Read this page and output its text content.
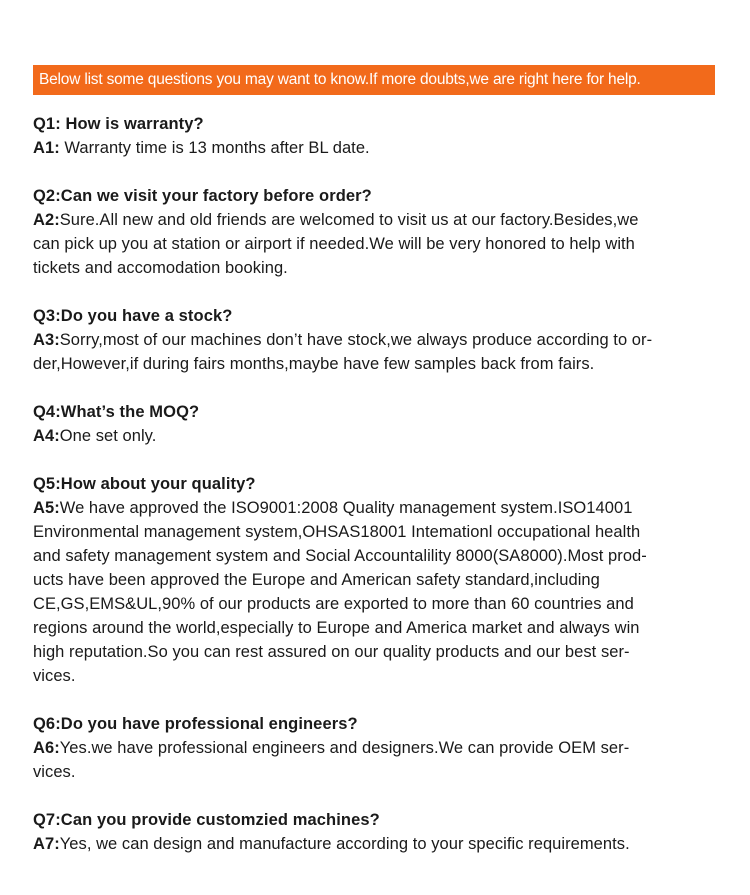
Below list some questions you may want to know.If more doubts,we are right here for help.

Q1: How is warranty?

A1: Warranty time is 13 months after BL date.

Q2:Can we visit your factory before order?

A2:Sure.All new and old friends are welcomed to visit us at our factory.Besides,we
can pick up you at station or airport if needed.We will be very honored to help with
tickets and accomodation booking.

Q3:Do you have a stock?

A3:Sorry,most of our machines don’t have stock,we always produce according to or-
der,However,if during fairs months,maybe have few samples back from fairs.

Q4:What’s the MOQ?

A4:One set only.

Q5:How about your quality?

A5:We have approved the ISO9001:2008 Quality management system.ISO14001
Environmental management system,OHSAS18001 Intemationl occupational health
and safety management system and Social Accountalility 8000(SA8000).Most prod-
ucts have been approved the Europe and American safety standard,including
CE,GS,EMS&UL,90% of our products are exported to more than 60 countries and
regions around the world,especially to Europe and America market and always win
high reputation.So you can rest assured on our quality products and our best ser-
vices.

Q6:Do you have professional engineers?

A6:Yes.we have professional engineers and designers.We can provide OEM ser-
vices.

Q7:Can you provide customzied machines?

A7:Yes, we can design and manufacture according to your specific requirements.
